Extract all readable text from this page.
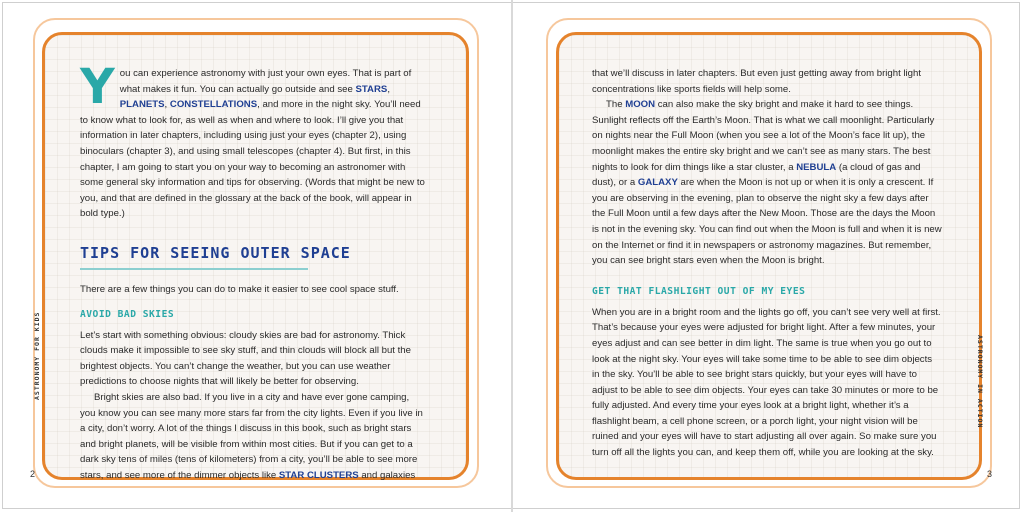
You can experience astronomy with just your own eyes. That is part of what makes it fun. You can actually go outside and see STARS, PLANETS, CONSTELLATIONS, and more in the night sky. You’ll need to know what to look for, as well as when and where to look. I’ll give you that information in later chapters, including using just your eyes (chapter 2), using binoculars (chapter 3), and using small telescopes (chapter 4). But first, in this chapter, I am going to start you on your way to becoming an astronomer with some general sky information and tips for observing. (Words that might be new to you, and that are defined in the glossary at the back of the book, will appear in bold type.)

TIPS FOR SEEING OUTER SPACE

There are a few things you can do to make it easier to see cool space stuff.

AVOID BAD SKIES

Let’s start with something obvious: cloudy skies are bad for astronomy. Thick clouds make it impossible to see sky stuff, and thin clouds will block all but the brightest objects. You can’t change the weather, but you can use weather predictions to choose nights that will likely be better for observing.

Bright skies are also bad. If you live in a city and have ever gone camping, you know you can see many more stars far from the city lights. Even if you live in a city, don’t worry. A lot of the things I discuss in this book, such as bright stars and bright planets, will be visible from within most cities. But if you can get to a dark sky tens of miles (tens of kilometers) from a city, you’ll be able to see more stars, and see more of the dimmer objects like STAR CLUSTERS and galaxies

ASTRONOMY FOR KIDS
2

that we’ll discuss in later chapters. But even just getting away from bright light concentrations like sports fields will help some.

The MOON can also make the sky bright and make it hard to see things. Sunlight reflects off the Earth’s Moon. That is what we call moonlight. Particularly on nights near the Full Moon (when you see a lot of the Moon’s face lit up), the moonlight makes the entire sky bright and we can’t see as many stars. The best nights to look for dim things like a star cluster, a NEBULA (a cloud of gas and dust), or a GALAXY are when the Moon is not up or when it is only a crescent. If you are observing in the evening, plan to observe the night sky a few days after the Full Moon until a few days after the New Moon. Those are the days the Moon is not in the evening sky. You can find out when the Moon is full and when it is new on the Internet or find it in newspapers or astronomy magazines. But remember, you can see bright stars even when the Moon is bright.

GET THAT FLASHLIGHT OUT OF MY EYES

When you are in a bright room and the lights go off, you can’t see very well at first. That’s because your eyes were adjusted for bright light. After a few minutes, your eyes adjust and can see better in dim light. The same is true when you go out to look at the night sky. Your eyes will take some time to be able to see dim objects in the sky. You’ll be able to see bright stars quickly, but your eyes will have to adjust to be able to see dim objects. Your eyes can take 30 minutes or more to be fully adjusted. And every time your eyes look at a bright light, whether it’s a flashlight beam, a cell phone screen, or a porch light, your night vision will be ruined and your eyes will have to start adjusting all over again. So make sure you turn off all the lights you can, and keep them off, while you are looking at the sky.

ASTRONOMY IN ACTION
3
